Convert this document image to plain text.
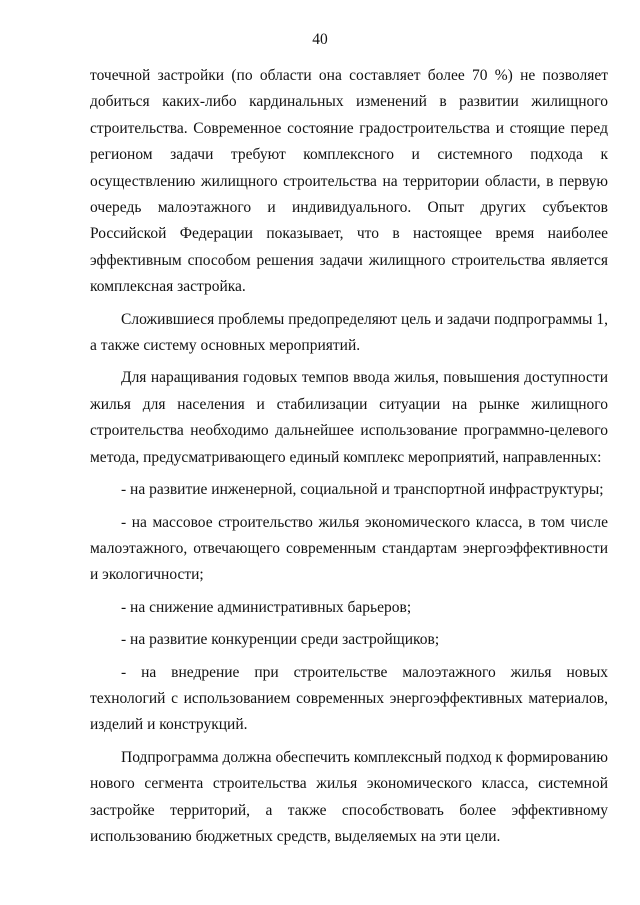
40

точечной застройки (по области она составляет более 70 %) не позволяет добиться каких-либо кардинальных изменений в развитии жилищного строительства. Современное состояние градостроительства и стоящие перед регионом задачи требуют комплексного и системного подхода к осуществлению жилищного строительства на территории области, в первую очередь малоэтажного и индивидуального. Опыт других субъектов Российской Федерации показывает, что в настоящее время наиболее эффективным способом решения задачи жилищного строительства является комплексная застройка.

Сложившиеся проблемы предопределяют цель и задачи подпрограммы 1, а также систему основных мероприятий.

Для наращивания годовых темпов ввода жилья, повышения доступности жилья для населения и стабилизации ситуации на рынке жилищного строительства необходимо дальнейшее использование программно-целевого метода, предусматривающего единый комплекс мероприятий, направленных:

- на развитие инженерной, социальной и транспортной инфраструктуры;

- на массовое строительство жилья экономического класса, в том числе малоэтажного, отвечающего современным стандартам энергоэффективности и экологичности;

- на снижение административных барьеров;

- на развитие конкуренции среди застройщиков;

- на внедрение при строительстве малоэтажного жилья новых технологий с использованием современных энергоэффективных материалов, изделий и конструкций.

Подпрограмма должна обеспечить комплексный подход к формированию нового сегмента строительства жилья экономического класса, системной застройке территорий, а также способствовать более эффективному использованию бюджетных средств, выделяемых на эти цели.
